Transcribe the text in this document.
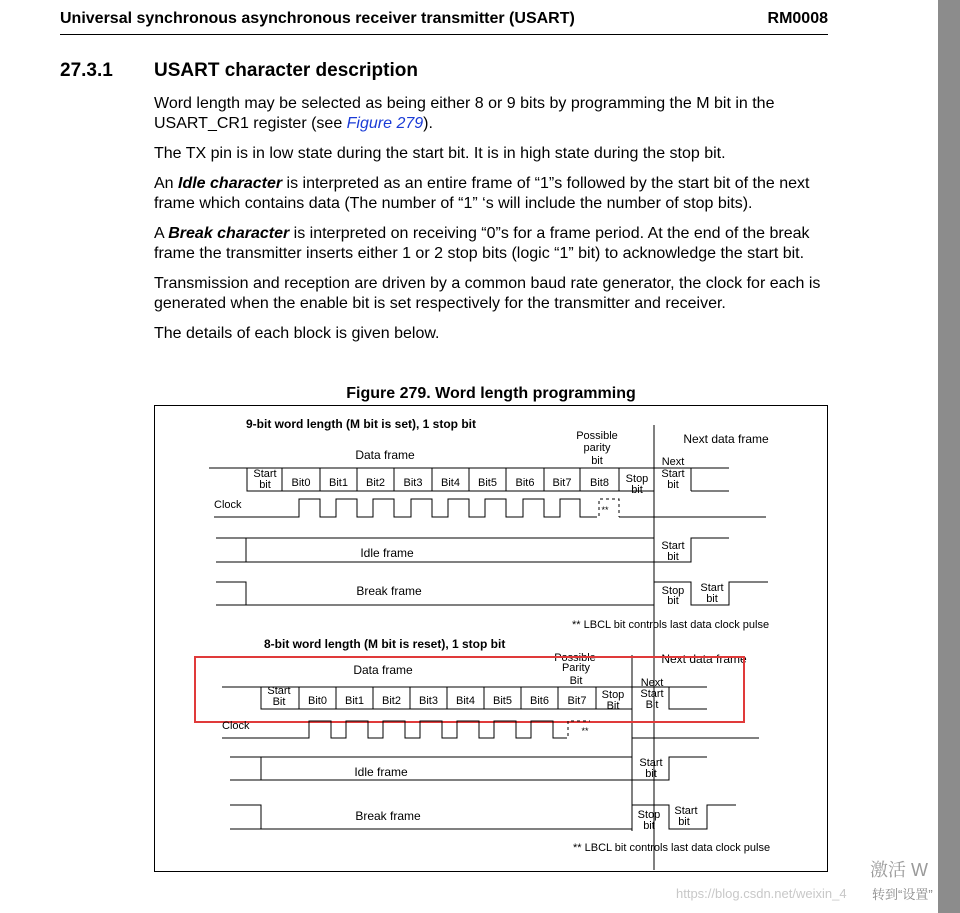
Universal synchronous asynchronous receiver transmitter (USART)	RM0008
27.3.1 USART character description

Word length may be selected as being either 8 or 9 bits by programming the M bit in the USART_CR1 register (see Figure 279).

The TX pin is in low state during the start bit. It is in high state during the stop bit.

An Idle character is interpreted as an entire frame of “1”s followed by the start bit of the next frame which contains data (The number of “1” ‘s will include the number of stop bits).

A Break character is interpreted on receiving “0”s for a frame period. At the end of the break frame the transmitter inserts either 1 or 2 stop bits (logic “1” bit) to acknowledge the start bit.

Transmission and reception are driven by a common baud rate generator, the clock for each is generated when the enable bit is set respectively for the transmitter and receiver.

The details of each block is given below.

Figure 279. Word length programming
9-bit word length (M bit is set), 1 stop bit
Data frame
Next data frame
Possible
parity
bit
Start
bit Bit0 Bit1 Bit2 Bit3 Bit4 Bit5 Bit6 Bit7 Bit8 Stop
bit
Next
Start
bit
Clock	**
Idle frame	Start
bit
Break frame	Stop
bit
Start
bit
** LBCL bit controls last data clock pulse
8-bit word length (M bit is reset), 1 stop bit
Data frame
Next data frame
Possible
Parity
Bit
Start
Bit Bit0 Bit1 Bit2 Bit3 Bit4 Bit5 Bit6 Bit7 Stop
Bit
Next
Start
Bit
Clock	**
Idle frame
Start
bit
Break frame	Stop
bit
Start
bit
** LBCL bit controls last data clock pulse
https://blog.csdn.net/weixin_4
激活 W
转到“设置”
